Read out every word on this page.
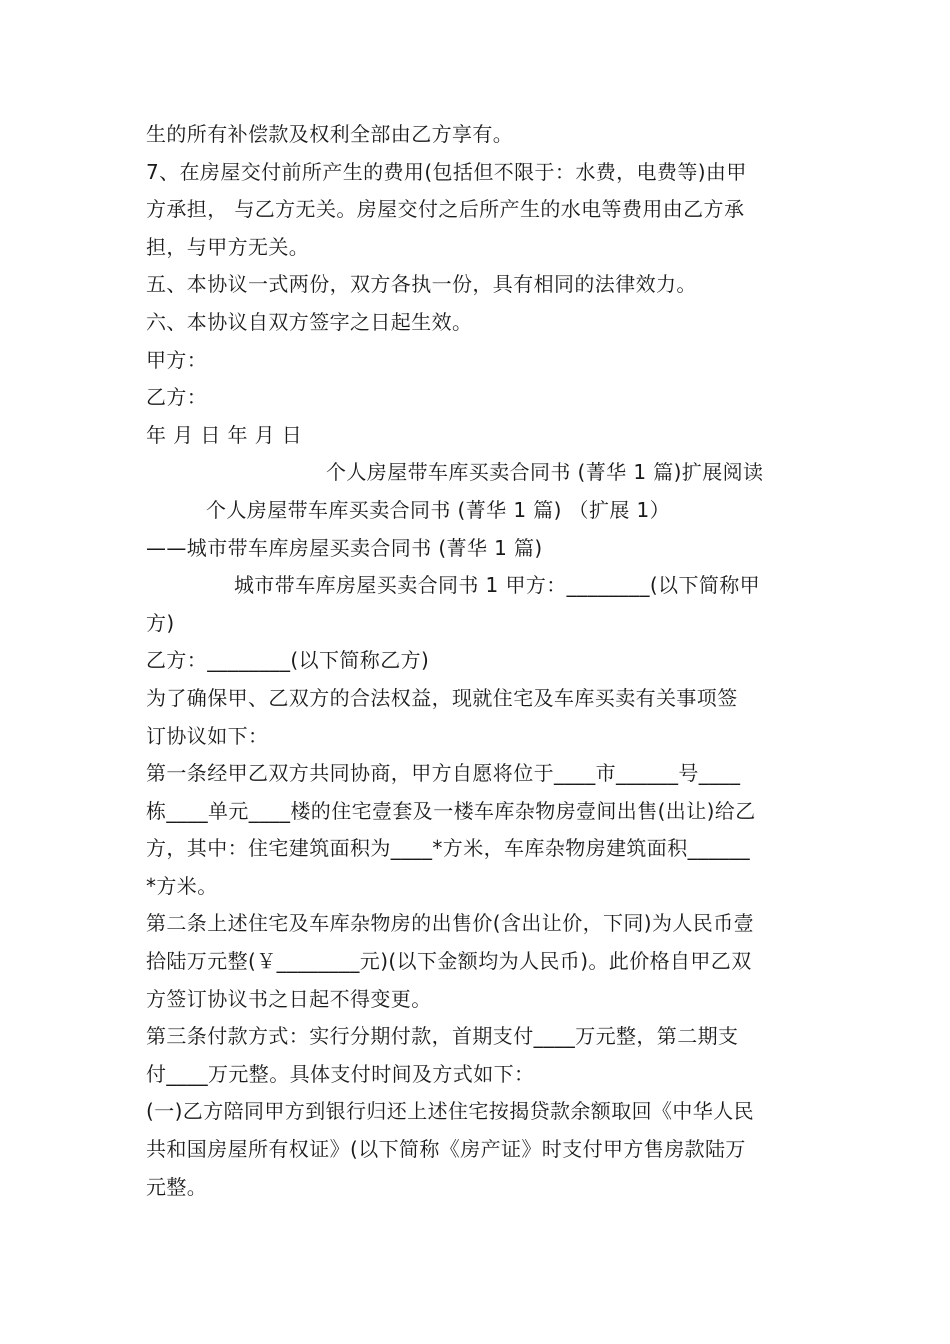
生的所有补偿款及权利全部由乙方享有。
7、在房屋交付前所产生的费用(包括但不限于：水费，电费等)由甲
方承担， 与乙方无关。房屋交付之后所产生的水电等费用由乙方承
担，与甲方无关。
五、本协议一式两份，双方各执一份，具有相同的法律效力。
六、本协议自双方签字之日起生效。
甲方：
乙方：
年 月 日 年 月 日
个人房屋带车库买卖合同书 (菁华 1 篇)扩展阅读
个人房屋带车库买卖合同书 (菁华 1 篇) （扩展 1）
——城市带车库房屋买卖合同书 (菁华 1 篇)
城市带车库房屋买卖合同书 1 甲方：________(以下简称甲
方)
乙方：________(以下简称乙方)
为了确保甲、乙双方的合法权益，现就住宅及车库买卖有关事项签
订协议如下：
第一条经甲乙双方共同协商，甲方自愿将位于____市______号____
栋____单元____楼的住宅壹套及一楼车库杂物房壹间出售(出让)给乙
方，其中：住宅建筑面积为____*方米，车库杂物房建筑面积______
*方米。
第二条上述住宅及车库杂物房的出售价(含出让价，下同)为人民币壹
拾陆万元整(￥________元)(以下金额均为人民币)。此价格自甲乙双
方签订协议书之日起不得变更。
第三条付款方式：实行分期付款，首期支付____万元整，第二期支
付____万元整。具体支付时间及方式如下：
(一)乙方陪同甲方到银行归还上述住宅按揭贷款余额取回《中华人民
共和国房屋所有权证》(以下简称《房产证》时支付甲方售房款陆万
元整。
